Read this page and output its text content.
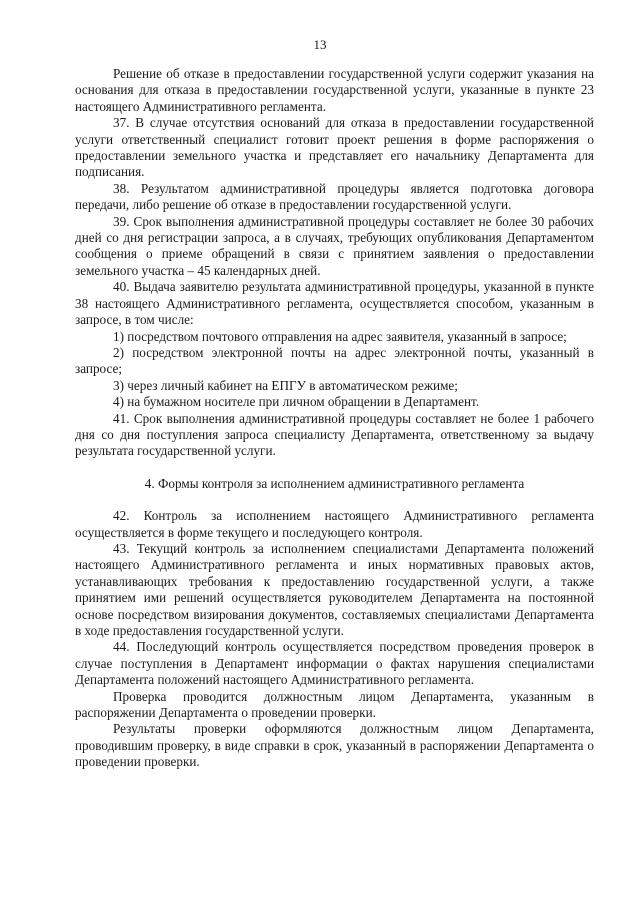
13

Решение об отказе в предоставлении государственной услуги содержит указания на основания для отказа в предоставлении государственной услуги, указанные в пункте 23 настоящего Административного регламента.

37. В случае отсутствия оснований для отказа в предоставлении государственной услуги ответственный специалист готовит проект решения в форме распоряжения о предоставлении земельного участка и представляет его начальнику Департамента для подписания.

38. Результатом административной процедуры является подготовка договора передачи, либо решение об отказе в предоставлении государственной услуги.

39. Срок выполнения административной процедуры составляет не более 30 рабочих дней со дня регистрации запроса, а в случаях, требующих опубликования Департаментом сообщения о приеме обращений в связи с принятием заявления о предоставлении земельного участка – 45 календарных дней.

40. Выдача заявителю результата административной процедуры, указанной в пункте 38 настоящего Административного регламента, осуществляется способом, указанным в запросе, в том числе:

1) посредством почтового отправления на адрес заявителя, указанный в запросе;

2) посредством электронной почты на адрес электронной почты, указанный в запросе;

3) через личный кабинет на ЕПГУ в автоматическом режиме;

4) на бумажном носителе при личном обращении в Департамент.

41. Срок выполнения административной процедуры составляет не более 1 рабочего дня со дня поступления запроса специалисту Департамента, ответственному за выдачу результата государственной услуги.

4. Формы контроля за исполнением административного регламента

42. Контроль за исполнением настоящего Административного регламента осуществляется в форме текущего и последующего контроля.

43. Текущий контроль за исполнением специалистами Департамента положений настоящего Административного регламента и иных нормативных правовых актов, устанавливающих требования к предоставлению государственной услуги, а также принятием ими решений осуществляется руководителем Департамента на постоянной основе посредством визирования документов, составляемых специалистами Департамента в ходе предоставления государственной услуги.

44. Последующий контроль осуществляется посредством проведения проверок в случае поступления в Департамент информации о фактах нарушения специалистами Департамента положений настоящего Административного регламента.

Проверка проводится должностным лицом Департамента, указанным в распоряжении Департамента о проведении проверки.

Результаты проверки оформляются должностным лицом Департамента, проводившим проверку, в виде справки в срок, указанный в распоряжении Департамента о проведении проверки.
